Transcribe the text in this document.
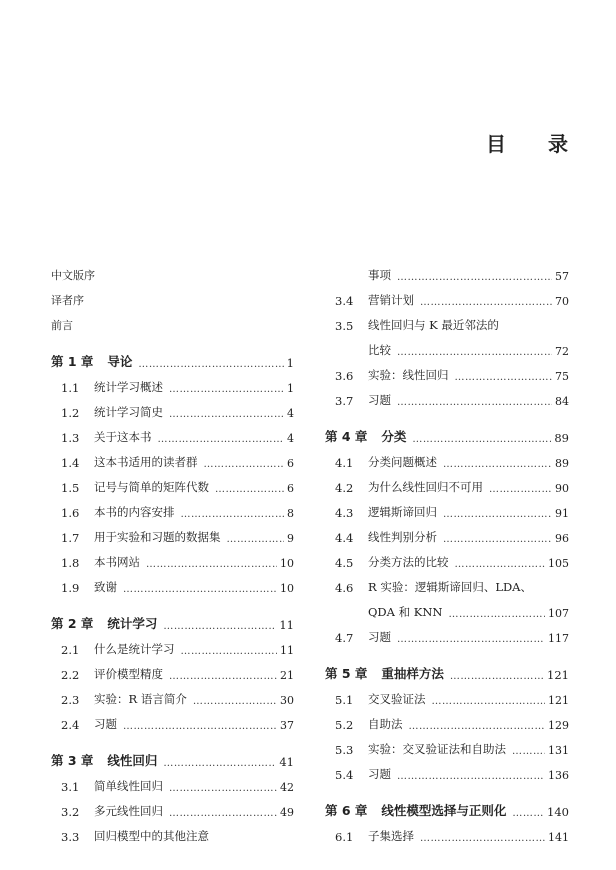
目 录
中文版序
译者序
前言
第 1 章 导论 …………………………………………………………………………………………………………………………………………………………………	1
1.1	统计学习概述 …………………………………………………………………………………………………………………………………………………………………	1
1.2	统计学习简史 …………………………………………………………………………………………………………………………………………………………………	4
1.3	关于这本书 …………………………………………………………………………………………………………………………………………………………………	4
1.4	这本书适用的读者群 …………………………………………………………………………………………………………………………………………………………………	6
1.5	记号与简单的矩阵代数 …………………………………………………………………………………………………………………………………………………………………	6
1.6	本书的内容安排 …………………………………………………………………………………………………………………………………………………………………	8
1.7	用于实验和习题的数据集 …………………………………………………………………………………………………………………………………………………………………	9
1.8	本书网站 …………………………………………………………………………………………………………………………………………………………………	10
1.9	致谢 …………………………………………………………………………………………………………………………………………………………………	10
第 2 章 统计学习 …………………………………………………………………………………………………………………………………………………………………	11
2.1	什么是统计学习 …………………………………………………………………………………………………………………………………………………………………	11
2.2	评价模型精度 …………………………………………………………………………………………………………………………………………………………………	21
2.3	实验：R 语言简介 …………………………………………………………………………………………………………………………………………………………………	30
2.4	习题 …………………………………………………………………………………………………………………………………………………………………	37
第 3 章 线性回归 …………………………………………………………………………………………………………………………………………………………………	41
3.1	简单线性回归 …………………………………………………………………………………………………………………………………………………………………	42
3.2	多元线性回归 …………………………………………………………………………………………………………………………………………………………………	49
3.3	回归模型中的其他注意
事项 …………………………………………………………………………………………………………………………………………………………………	57
3.4	营销计划 …………………………………………………………………………………………………………………………………………………………………	70
3.5	线性回归与 K 最近邻法的
比较 …………………………………………………………………………………………………………………………………………………………………	72
3.6	实验：线性回归 …………………………………………………………………………………………………………………………………………………………………	75
3.7	习题 …………………………………………………………………………………………………………………………………………………………………	84
第 4 章 分类 …………………………………………………………………………………………………………………………………………………………………	89
4.1	分类问题概述 …………………………………………………………………………………………………………………………………………………………………	89
4.2	为什么线性回归不可用 …………………………………………………………………………………………………………………………………………………………………	90
4.3	逻辑斯谛回归 …………………………………………………………………………………………………………………………………………………………………	91
4.4	线性判别分析 …………………………………………………………………………………………………………………………………………………………………	96
4.5	分类方法的比较 …………………………………………………………………………………………………………………………………………………………………	105
4.6	R 实验：逻辑斯谛回归、LDA、
QDA 和 KNN …………………………………………………………………………………………………………………………………………………………………	107
4.7	习题 …………………………………………………………………………………………………………………………………………………………………	117
第 5 章 重抽样方法 …………………………………………………………………………………………………………………………………………………………………	121
5.1	交叉验证法 …………………………………………………………………………………………………………………………………………………………………	121
5.2	自助法 …………………………………………………………………………………………………………………………………………………………………	129
5.3	实验：交叉验证法和自助法 …………………………………………………………………………………………………………………………………………………………………	131
5.4	习题 …………………………………………………………………………………………………………………………………………………………………	136
第 6 章 线性模型选择与正则化 …………………………………………………………………………………………………………………………………………………………………	140
6.1	子集选择 …………………………………………………………………………………………………………………………………………………………………	141
